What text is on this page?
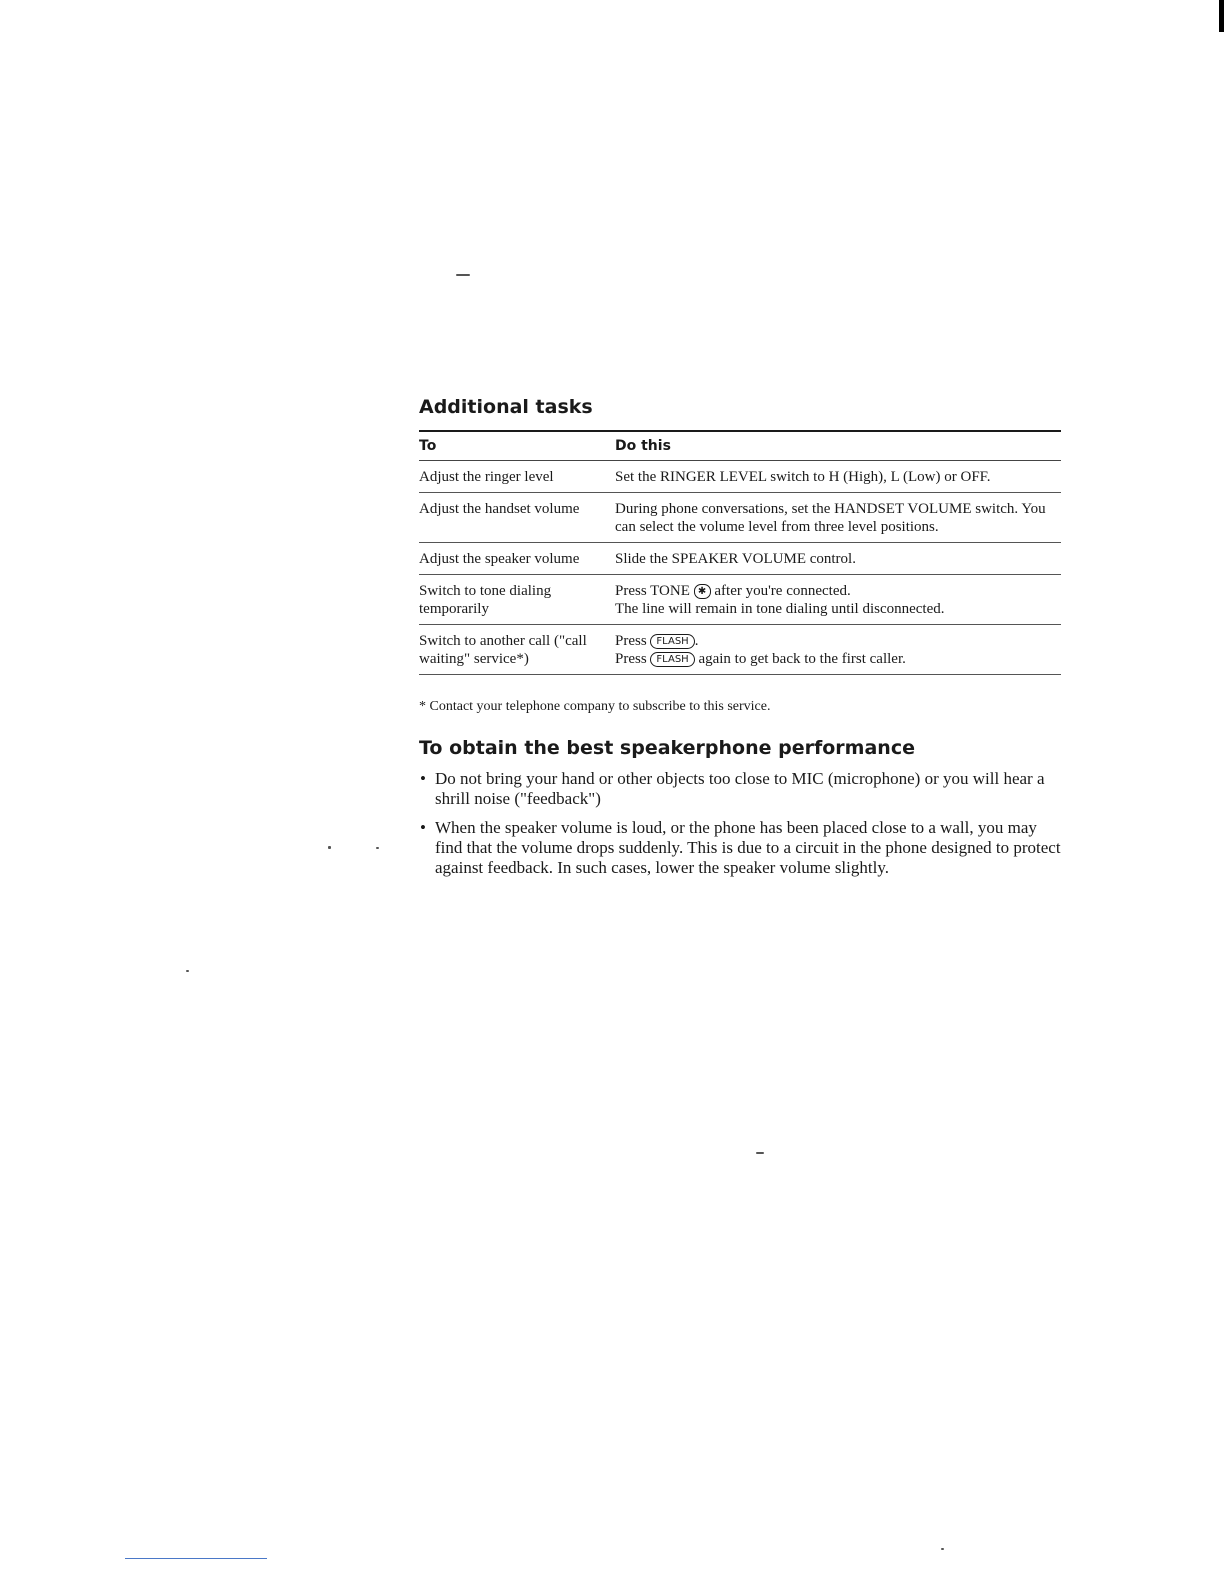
Additional tasks
To	Do this
Adjust the ringer level	Set the RINGER LEVEL switch to H (High), L (Low) or OFF.
Adjust the handset volume	During phone conversations, set the HANDSET VOLUME switch. You can select the volume level from three level positions.
Adjust the speaker volume	Slide the SPEAKER VOLUME control.
Switch to tone dialing temporarily	Press TONE ✱ after you're connected.
The line will remain in tone dialing until disconnected.
Switch to another call ("call waiting" service*)	Press FLASH .
Press FLASH again to get back to the first caller.
* Contact your telephone company to subscribe to this service.
To obtain the best speakerphone performance
• Do not bring your hand or other objects too close to MIC (microphone) or you will hear a shrill noise ("feedback")
• When the speaker volume is loud, or the phone has been placed close to a wall, you may find that the volume drops suddenly. This is due to a circuit in the phone designed to protect against feedback. In such cases, lower the speaker volume slightly.
